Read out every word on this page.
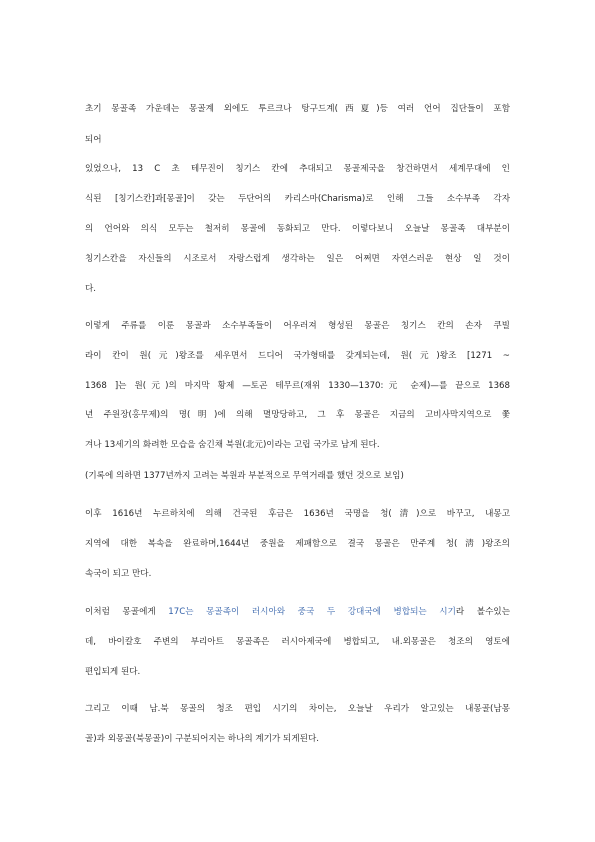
초기 몽골족 가운데는 몽골계 외에도 투르크나 탕구드계(西夏)등 여러 언어 집단들이 포함
되어
있었으나, 13 C 초 테무진이 칭기스 칸에 추대되고 몽골제국을 창건하면서 세계무대에 인
식된 [칭기스칸]과[몽골]이 갖는 두단어의 카리스마(Charisma)로 인해 그들 소수부족 각자
의 언어와 의식 모두는 철저히 몽골에 동화되고 만다. 이렇다보니 오늘날 몽골족 대부분이
칭기스칸을 자신들의 시조로서 자랑스럽게 생각하는 일은 어쩌면 자연스러운 현상 일 것이
다.
이렇게 주류를 이룬 몽골과 소수부족들이 어우러져 형성된 몽골은 칭기스 칸의 손자 쿠빌
라이 칸이 원(元)왕조를 세우면서 드디어 국가형태를 갖게되는데, 원(元)왕조 [1271 ~
1368 ]는 원(元)의 마지막 황제 —토곤 테무르(재위 1330—1370:元 순제)—를 끝으로 1368
년 주원장(홍무제)의 명(明)에 의해 멸망당하고, 그 후 몽골은 지금의 고비사막지역으로 쫓
겨나 13세기의 화려한 모습을 숨긴채 북원(北元)이라는 고립 국가로 남게 된다.
(기록에 의하면 1377년까지 고려는 북원과 부분적으로 무역거래를 했던 것으로 보임)
이후 1616년 누르하치에 의해 건국된 후금은 1636년 국명을 청(淸)으로 바꾸고, 내몽고
지역에 대한 복속을 완료하며,1644년 중원을 제패함으로 결국 몽골은 만주계 청(淸)왕조의
속국이 되고 만다.
이처럼 몽골에게 17C는 몽골족이 러시아와 중국 두 강대국에 병합되는 시기라 볼수있는
데, 바이칼호 주변의 부리아트 몽골족은 러시아제국에 병합되고, 내.외몽골은 청조의 영토에
편입되게 된다.
그리고 이때 남.북 몽골의 청조 편입 시기의 차이는, 오늘날 우리가 알고있는 내몽골(남몽
골)과 외몽골(북몽골)이 구분되어지는 하나의 계기가 되게된다.
